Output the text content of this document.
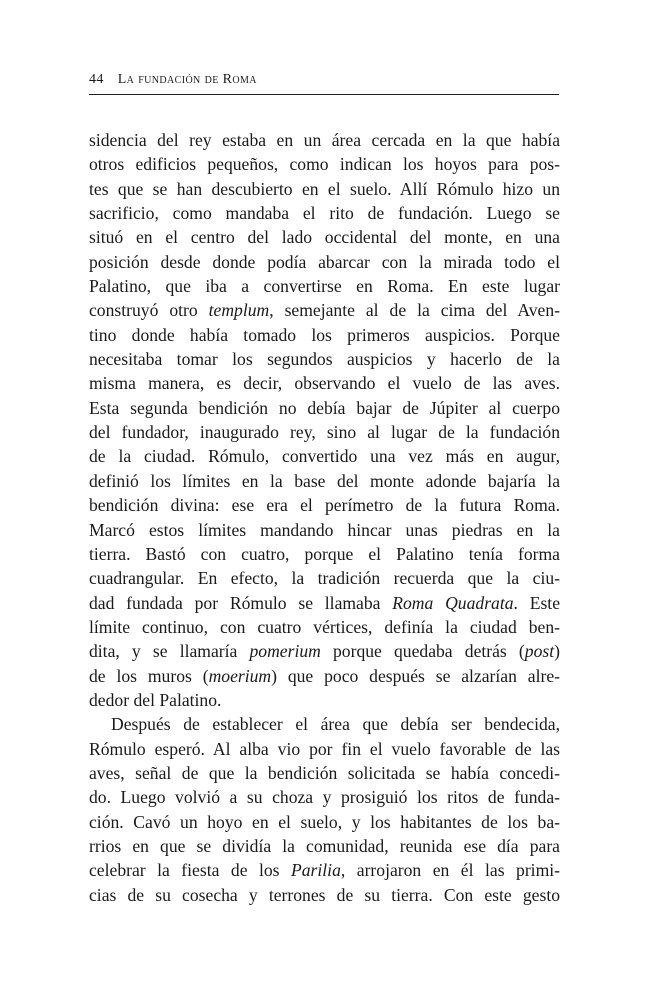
44 La fundación de Roma
sidencia del rey estaba en un área cercada en la que había
otros edificios pequeños, como indican los hoyos para pos-
tes que se han descubierto en el suelo. Allí Rómulo hizo un
sacrificio, como mandaba el rito de fundación. Luego se
situó en el centro del lado occidental del monte, en una
posición desde donde podía abarcar con la mirada todo el
Palatino, que iba a convertirse en Roma. En este lugar
construyó otro templum, semejante al de la cima del Aven-
tino donde había tomado los primeros auspicios. Porque
necesitaba tomar los segundos auspicios y hacerlo de la
misma manera, es decir, observando el vuelo de las aves.
Esta segunda bendición no debía bajar de Júpiter al cuerpo
del fundador, inaugurado rey, sino al lugar de la fundación
de la ciudad. Rómulo, convertido una vez más en augur,
definió los límites en la base del monte adonde bajaría la
bendición divina: ese era el perímetro de la futura Roma.
Marcó estos límites mandando hincar unas piedras en la
tierra. Bastó con cuatro, porque el Palatino tenía forma
cuadrangular. En efecto, la tradición recuerda que la ciu-
dad fundada por Rómulo se llamaba Roma Quadrata. Este
límite continuo, con cuatro vértices, definía la ciudad ben-
dita, y se llamaría pomerium porque quedaba detrás (post)
de los muros (moerium) que poco después se alzarían alre-
dedor del Palatino.
Después de establecer el área que debía ser bendecida,
Rómulo esperó. Al alba vio por fin el vuelo favorable de las
aves, señal de que la bendición solicitada se había concedi-
do. Luego volvió a su choza y prosiguió los ritos de funda-
ción. Cavó un hoyo en el suelo, y los habitantes de los ba-
rrios en que se dividía la comunidad, reunida ese día para
celebrar la fiesta de los Parilia, arrojaron en él las primi-
cias de su cosecha y terrones de su tierra. Con este gesto
